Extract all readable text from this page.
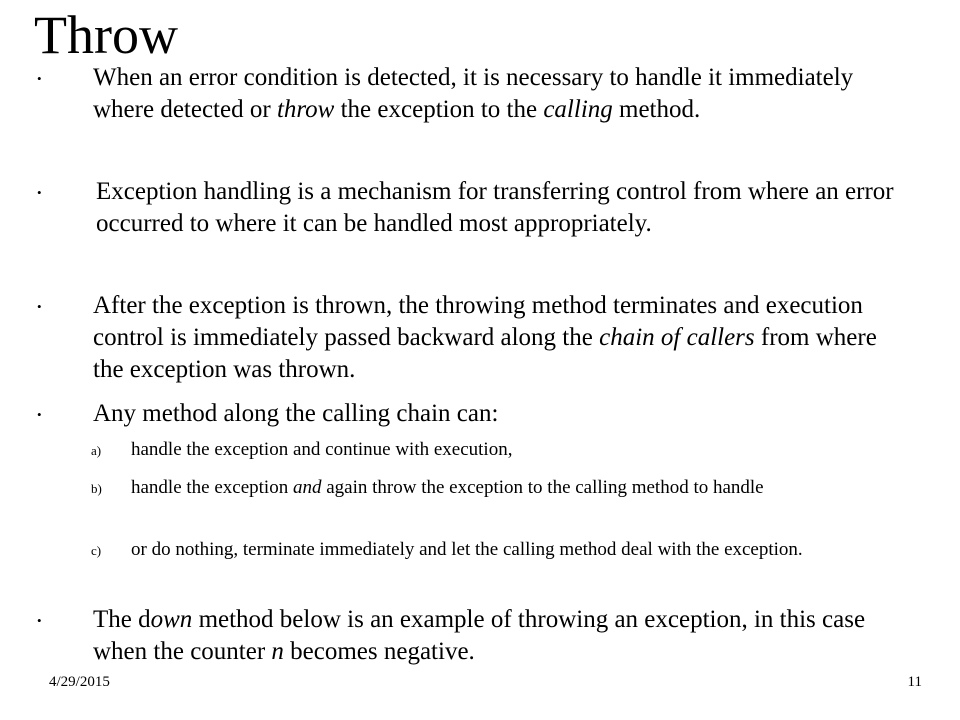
Throw
• When an error condition is detected, it is necessary to handle it immediately where detected or throw the exception to the calling method.
• Exception handling is a mechanism for transferring control from where an error occurred to where it can be handled most appropriately.
• After the exception is thrown, the throwing method terminates and execution control is immediately passed backward along the chain of callers from where the exception was thrown.
• Any method along the calling chain can:
a) handle the exception and continue with execution,
b) handle the exception and again throw the exception to the calling method to handle
c) or do nothing, terminate immediately and let the calling method deal with the exception.
• The down method below is an example of throwing an exception, in this case when the counter n becomes negative.
4/29/2015	11
